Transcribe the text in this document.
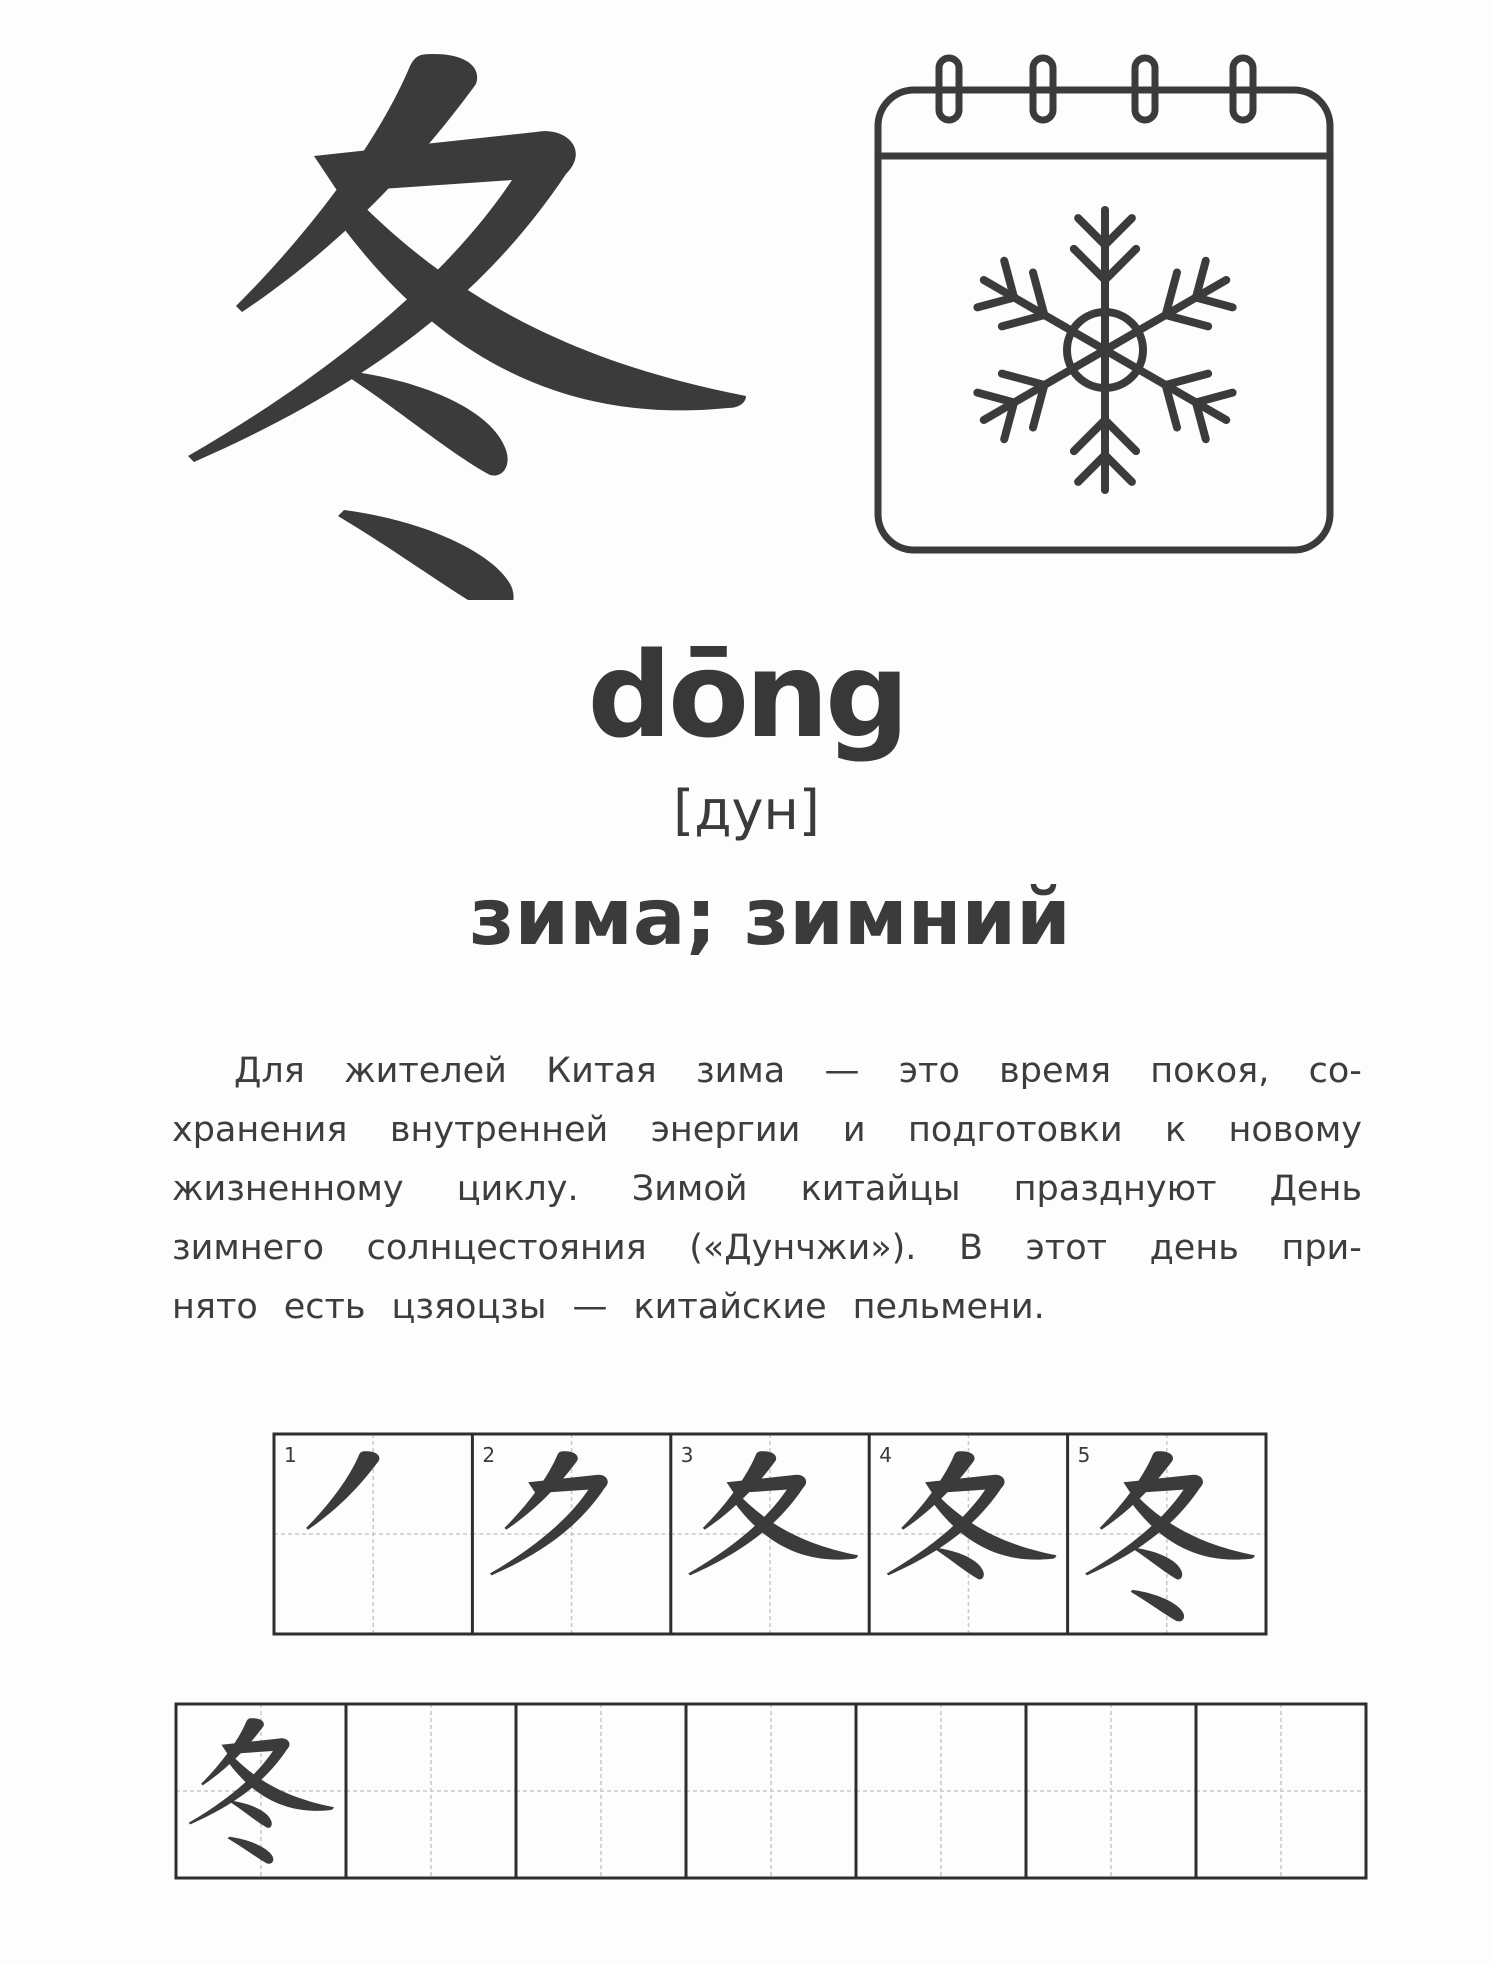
dōng
[дун]
зима; зимний
Для жителей Китая зима — это время покоя, со-
хранения внутренней энергии и подготовки к новому
жизненному циклу. Зимой китайцы празднуют День
зимнего солнцестояния («Дунчжи»). В этот день при-
нято есть цзяоцзы — китайские пельмени.
1	2	3	4	5
